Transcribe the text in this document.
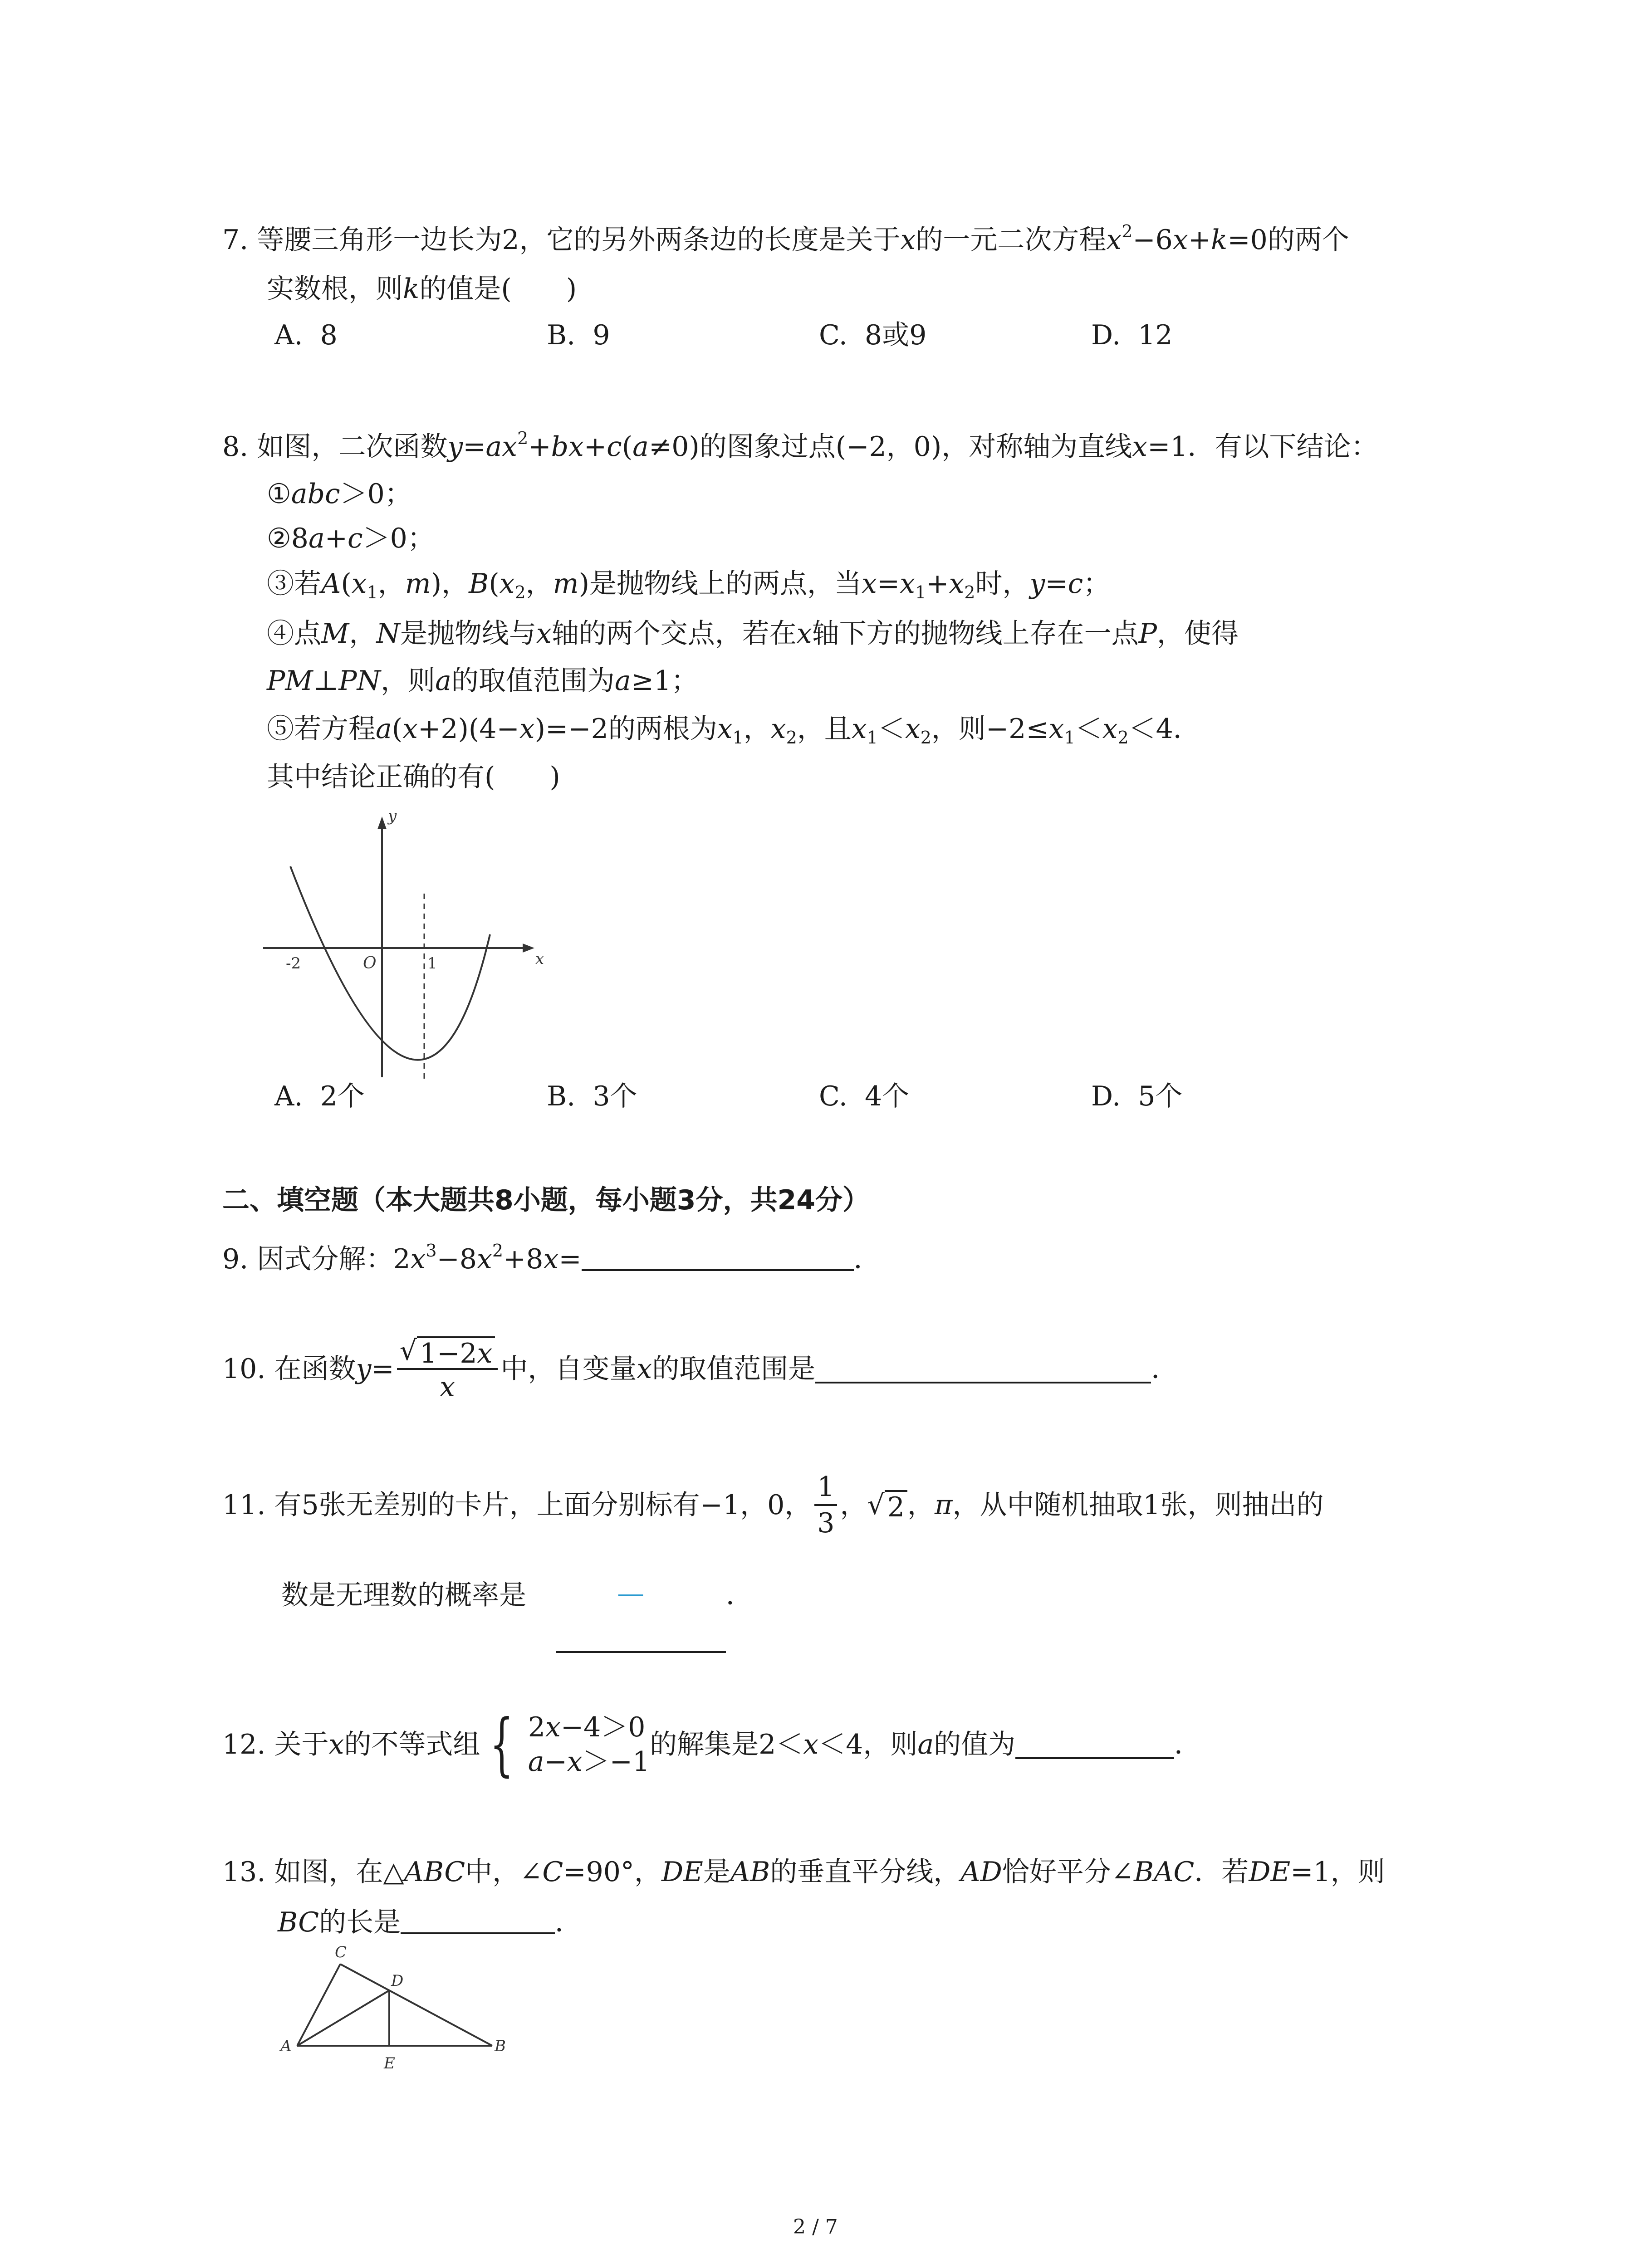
7. 等腰三角形一边长为2，它的另外两条边的长度是关于x的一元二次方程$x^2-6x+k=0$的两个
实数根，则k的值是(　　)
A. 8	B. 9	C. 8或9	D. 12
8. 如图，二次函数$y=ax^2+bx+c(a\ne 0)$的图象过点(−2，0)，对称轴为直线x=1．有以下结论：
①abc＞0；
②8a+c＞0；
③若$A(x_1$，m)，$B(x_2$，m)是抛物线上的两点，当$x=x_1+x_2$时，y=c；
④点M，N是抛物线与x轴的两个交点，若在x轴下方的抛物线上存在一点P，使得
PM⊥PN，则a的取值范围为a≥1；
⑤若方程a(x+2)(4−x)=−2的两根为$x_1$，$x_2$，且$x_1<x_2$，则$-2\le x_1<x_2<4$．
其中结论正确的有(　　)
y
x
O
-2	1
A. 2个	B. 3个	C. 4个	D. 5个
二、填空题（本大题共8小题，每小题3分，共24分）
9. 因式分解：$2x^3-8x^2+8x=$	．
10.
在函数 $y = \frac{√ 1-2x}{x}$ 中，自变量 x 的取值范围是	．
11.
有5张无差别的卡片，上面分别标有−1，0， $\frac{1}{3}$ ， √ 2 ， π ，从中随机抽取1张，则抽出的
数是无理数的概率是	—	．
12.
关于 x 的不等式组 { 2x−4＞0
a−x＞−1
的解集是2＜ x ＜4，则 a 的值为	．
13. 如图，在△ABC中，∠C=90°，DE是AB的垂直平分线，AD恰好平分∠BAC．若DE=1，则
BC的长是	．
C
D
A
E
B
2 / 7
